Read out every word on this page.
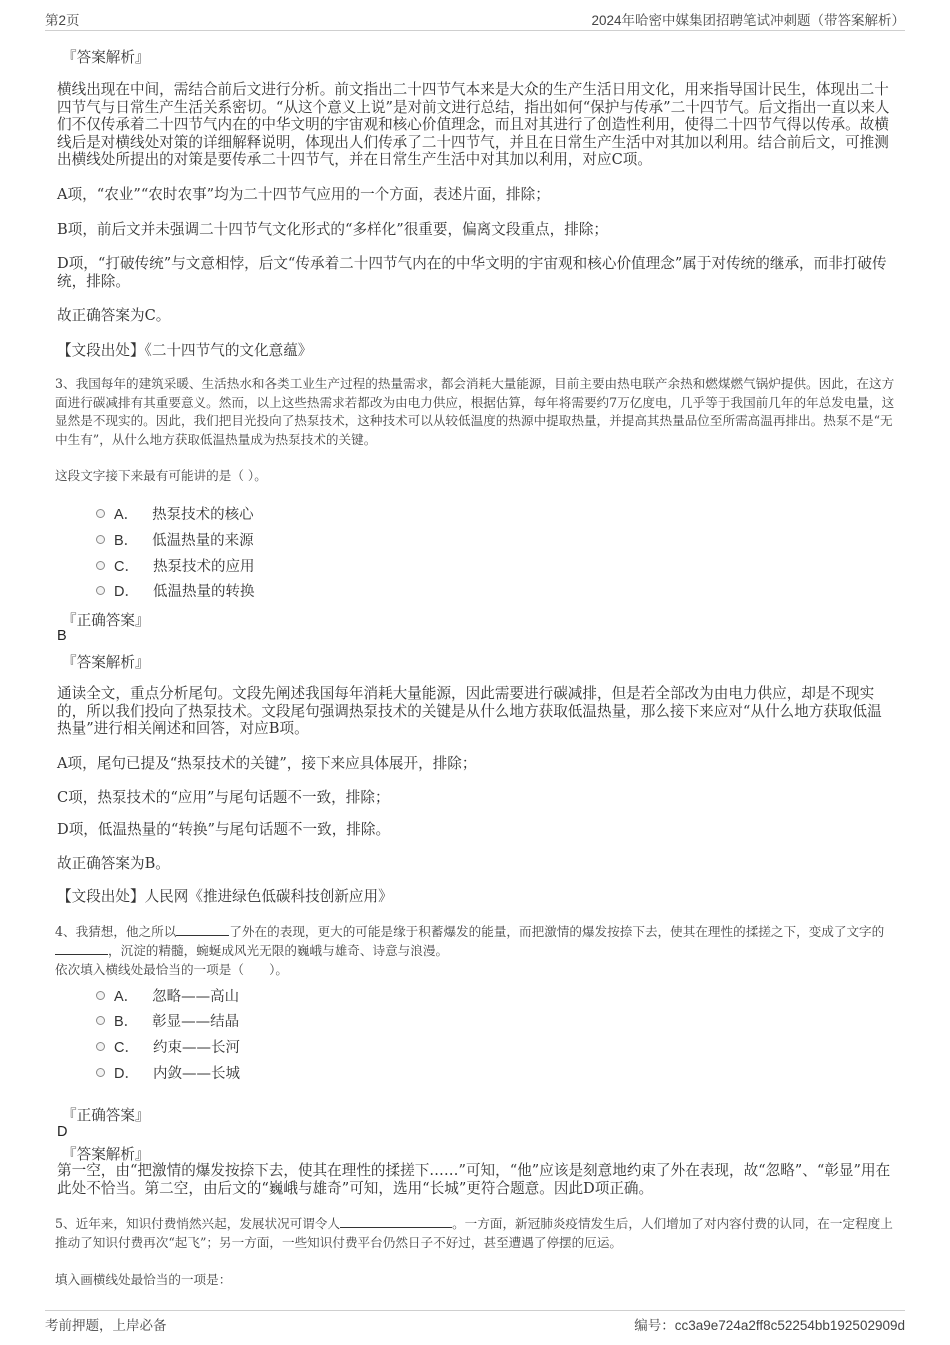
第2页	2024年哈密中媒集团招聘笔试冲刺题（带答案解析）
『答案解析』
横线出现在中间，需结合前后文进行分析。前文指出二十四节气本来是大众的生产生活日用文化，用来指导国计民生，体现出二十四节气与日常生产生活关系密切。“从这个意义上说”是对前文进行总结，指出如何“保护与传承”二十四节气。后文指出一直以来人们不仅传承着二十四节气内在的中华文明的宇宙观和核心价值理念，而且对其进行了创造性利用，使得二十四节气得以传承。故横线后是对横线处对策的详细解释说明，体现出人们传承了二十四节气，并且在日常生产生活中对其加以利用。结合前后文，可推测出横线处所提出的对策是要传承二十四节气，并在日常生产生活中对其加以利用，对应C项。
A项，“农业”“农时农事”均为二十四节气应用的一个方面，表述片面，排除；
B项，前后文并未强调二十四节气文化形式的“多样化”很重要，偏离文段重点，排除；
D项，“打破传统”与文意相悖，后文“传承着二十四节气内在的中华文明的宇宙观和核心价值理念”属于对传统的继承，而非打破传统，排除。
故正确答案为C。
【文段出处】《二十四节气的文化意蕴》
3、我国每年的建筑采暖、生活热水和各类工业生产过程的热量需求，都会消耗大量能源，目前主要由热电联产余热和燃煤燃气锅炉提供。因此，在这方面进行碳减排有其重要意义。然而，以上这些热需求若都改为由电力供应，根据估算，每年将需要约7万亿度电，几乎等于我国前几年的年总发电量，这显然是不现实的。因此，我们把目光投向了热泵技术，这种技术可以从较低温度的热源中提取热量，并提高其热量品位至所需高温再排出。热泵不是“无中生有”，从什么地方获取低温热量成为热泵技术的关键。
这段文字接下来最有可能讲的是（ ）。
A． 热泵技术的核心
B． 低温热量的来源
C． 热泵技术的应用
D． 低温热量的转换
『正确答案』
B
『答案解析』
通读全文，重点分析尾句。文段先阐述我国每年消耗大量能源，因此需要进行碳减排，但是若全部改为由电力供应，却是不现实的，所以我们投向了热泵技术。文段尾句强调热泵技术的关键是从什么地方获取低温热量，那么接下来应对“从什么地方获取低温热量”进行相关阐述和回答，对应B项。
A项，尾句已提及“热泵技术的关键”，接下来应具体展开，排除；
C项，热泵技术的“应用”与尾句话题不一致，排除；
D项，低温热量的“转换”与尾句话题不一致，排除。
故正确答案为B。
【文段出处】人民网《推进绿色低碳科技创新应用》
4、我猜想，他之所以	了外在的表现，更大的可能是缘于积蓄爆发的能量，而把激情的爆发按捺下去，使其在理性的揉搓之下，变成了文字的，沉淀的精髓，蜿蜒成风光无限的巍峨与雄奇、诗意与浪漫。
依次填入横线处最恰当的一项是（　　）。
A． 忽略——高山
B． 彰显——结晶
C． 约束——长河
D． 内敛——长城
『正确答案』
D
『答案解析』
第一空，由“把激情的爆发按捺下去，使其在理性的揉搓下……”可知，“他”应该是刻意地约束了外在表现，故“忽略”、“彰显”用在此处不恰当。第二空，由后文的“巍峨与雄奇”可知，选用“长城”更符合题意。因此D项正确。
5、近年来，知识付费悄然兴起，发展状况可谓令人	。一方面，新冠肺炎疫情发生后，人们增加了对内容付费的认同，在一定程度上推动了知识付费再次“起飞”；另一方面，一些知识付费平台仍然日子不好过，甚至遭遇了停摆的厄运。
填入画横线处最恰当的一项是：
考前押题，上岸必备	编号：cc3a9e724a2ff8c52254bb192502909d
